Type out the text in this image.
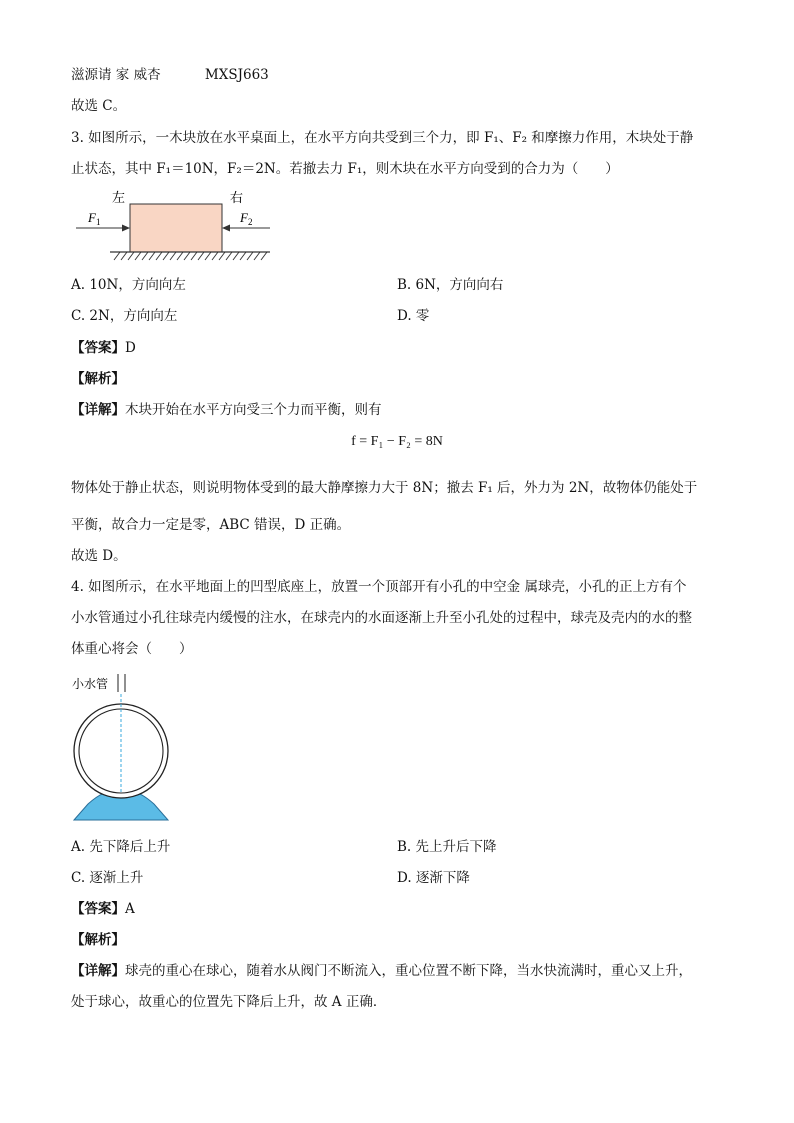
滋源请 家 威杏	MXSJ663
故选 C。
3. 如图所示，一木块放在水平桌面上，在水平方向共受到三个力，即 F₁、F₂ 和摩擦力作用，木块处于静
止状态，其中 F₁＝10N，F₂＝2N。若撤去力 F₁，则木块在水平方向受到的合力为（　　）
左	右
$F_1$	$F_2$
A. 10N，方向向左	B. 6N，方向向右
C. 2N，方向向左	D. 零
【答案】D
【解析】
【详解】木块开始在水平方向受三个力而平衡，则有
f = F₁ − F₂ = 8N
物体处于静止状态，则说明物体受到的最大静摩擦力大于 8N；撤去 F₁ 后，外力为 2N，故物体仍能处于
平衡，故合力一定是零，ABC 错误，D 正确。
故选 D。
4. 如图所示，在水平地面上的凹型底座上，放置一个顶部开有小孔的中空金 属球壳，小孔的正上方有个
小水管通过小孔往球壳内缓慢的注水，在球壳内的水面逐渐上升至小孔处的过程中，球壳及壳内的水的整
体重心将会（　　）
小水管
A. 先下降后上升	B. 先上升后下降
C. 逐渐上升	D. 逐渐下降
【答案】A
【解析】
【详解】球壳的重心在球心，随着水从阀门不断流入，重心位置不断下降，当水快流满时，重心又上升，
处于球心，故重心的位置先下降后上升，故 A 正确．
